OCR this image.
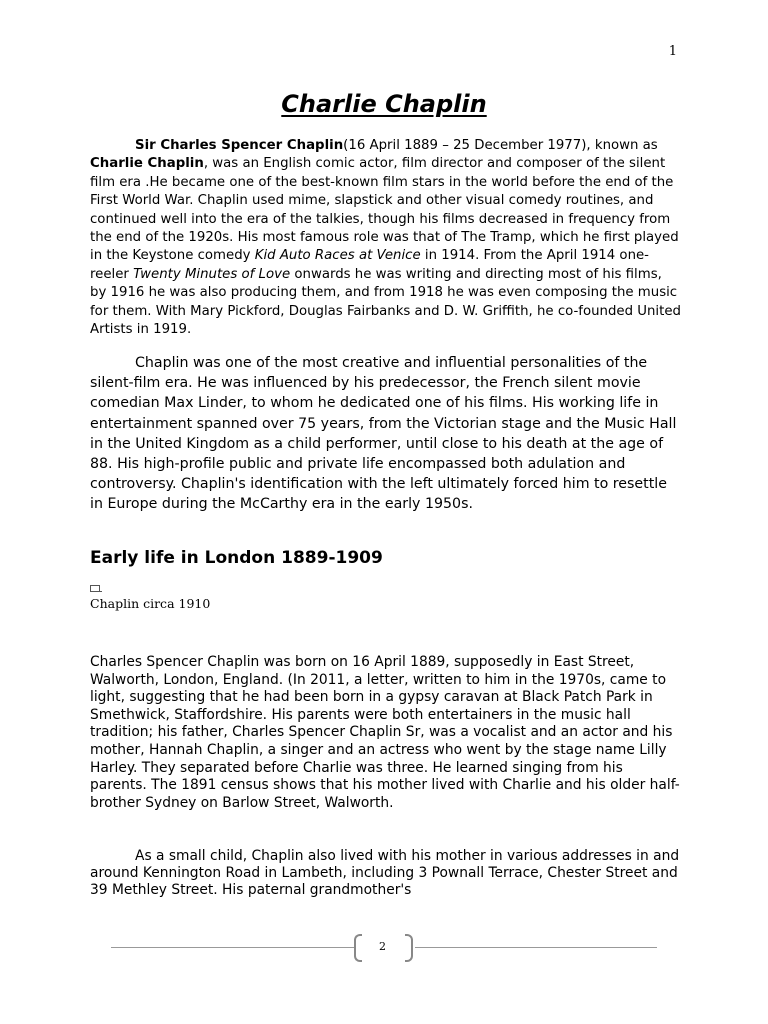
1
Charlie Chaplin

Sir Charles Spencer Chaplin(16 April 1889 – 25 December 1977), known as Charlie Chaplin, was an English comic actor, film director and composer of the silent film era .He became one of the best-known film stars in the world before the end of the First World War. Chaplin used mime, slapstick and other visual comedy routines, and continued well into the era of the talkies, though his films decreased in frequency from the end of the 1920s. His most famous role was that of The Tramp, which he first played in the Keystone comedy Kid Auto Races at Venice in 1914. From the April 1914 one-reeler Twenty Minutes of Love onwards he was writing and directing most of his films, by 1916 he was also producing them, and from 1918 he was even composing the music for them. With Mary Pickford, Douglas Fairbanks and D. W. Griffith, he co-founded United Artists in 1919.

Chaplin was one of the most creative and influential personalities of the silent-film era. He was influenced by his predecessor, the French silent movie comedian Max Linder, to whom he dedicated one of his films. His working life in entertainment spanned over 75 years, from the Victorian stage and the Music Hall in the United Kingdom as a child performer, until close to his death at the age of 88. His high-profile public and private life encompassed both adulation and controversy. Chaplin's identification with the left ultimately forced him to resettle in Europe during the McCarthy era in the early 1950s.

Early life in London 1889-1909
Chaplin circa 1910

Charles Spencer Chaplin was born on 16 April 1889, supposedly in East Street, Walworth, London, England. (In 2011, a letter, written to him in the 1970s, came to light, suggesting that he had been born in a gypsy caravan at Black Patch Park in Smethwick, Staffordshire. His parents were both entertainers in the music hall tradition; his father, Charles Spencer Chaplin Sr, was a vocalist and an actor and his mother, Hannah Chaplin, a singer and an actress who went by the stage name Lilly Harley. They separated before Charlie was three. He learned singing from his parents. The 1891 census shows that his mother lived with Charlie and his older half-brother Sydney on Barlow Street, Walworth.

As a small child, Chaplin also lived with his mother in various addresses in and around Kennington Road in Lambeth, including 3 Pownall Terrace, Chester Street and 39 Methley Street. His paternal grandmother's

2
